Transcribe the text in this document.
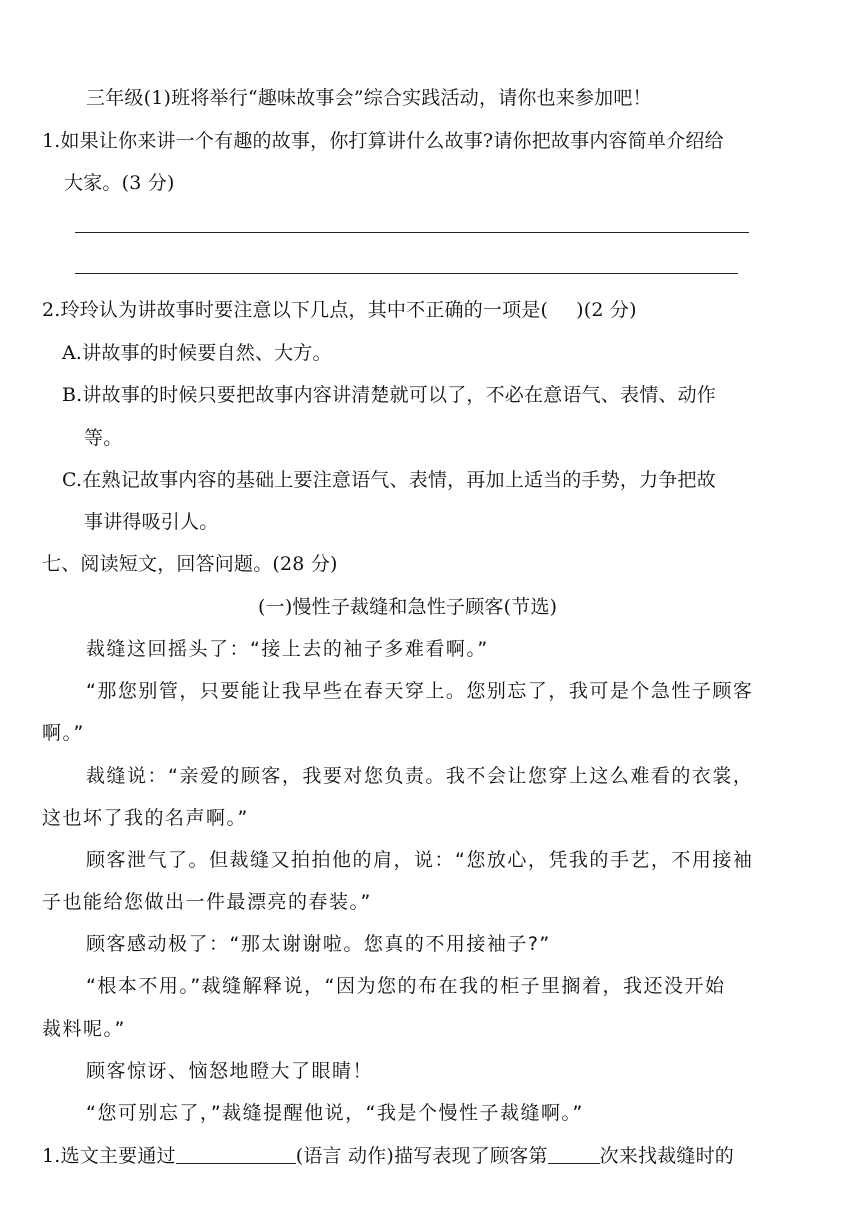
三年级(1)班将举行“趣味故事会”综合实践活动，请你也来参加吧！
1.如果让你来讲一个有趣的故事，你打算讲什么故事?请你把故事内容简单介绍给
大家。(3 分)
2.玲玲认为讲故事时要注意以下几点，其中不正确的一项是( )(2 分)
A.讲故事的时候要自然、大方。
B.讲故事的时候只要把故事内容讲清楚就可以了，不必在意语气、表情、动作
等。
C.在熟记故事内容的基础上要注意语气、表情，再加上适当的手势，力争把故
事讲得吸引人。
七、阅读短文，回答问题。(28 分)
(一)慢性子裁缝和急性子顾客(节选)
裁缝这回摇头了：“接上去的袖子多难看啊。”
“那您别管，只要能让我早些在春天穿上。您别忘了，我可是个急性子顾客
啊。”
裁缝说：“亲爱的顾客，我要对您负责。我不会让您穿上这么难看的衣裳，
这也坏了我的名声啊。”
顾客泄气了。但裁缝又拍拍他的肩，说：“您放心，凭我的手艺，不用接袖
子也能给您做出一件最漂亮的春装。”
顾客感动极了：“那太谢谢啦。您真的不用接袖子?”
“根本不用。”裁缝解释说，“因为您的布在我的柜子里搁着，我还没开始
裁料呢。”
顾客惊讶、恼怒地瞪大了眼睛！
“您可别忘了，”裁缝提醒他说，“我是个慢性子裁缝啊。”
1.选文主要通过	(语言 动作)描写表现了顾客第	次来找裁缝时的
